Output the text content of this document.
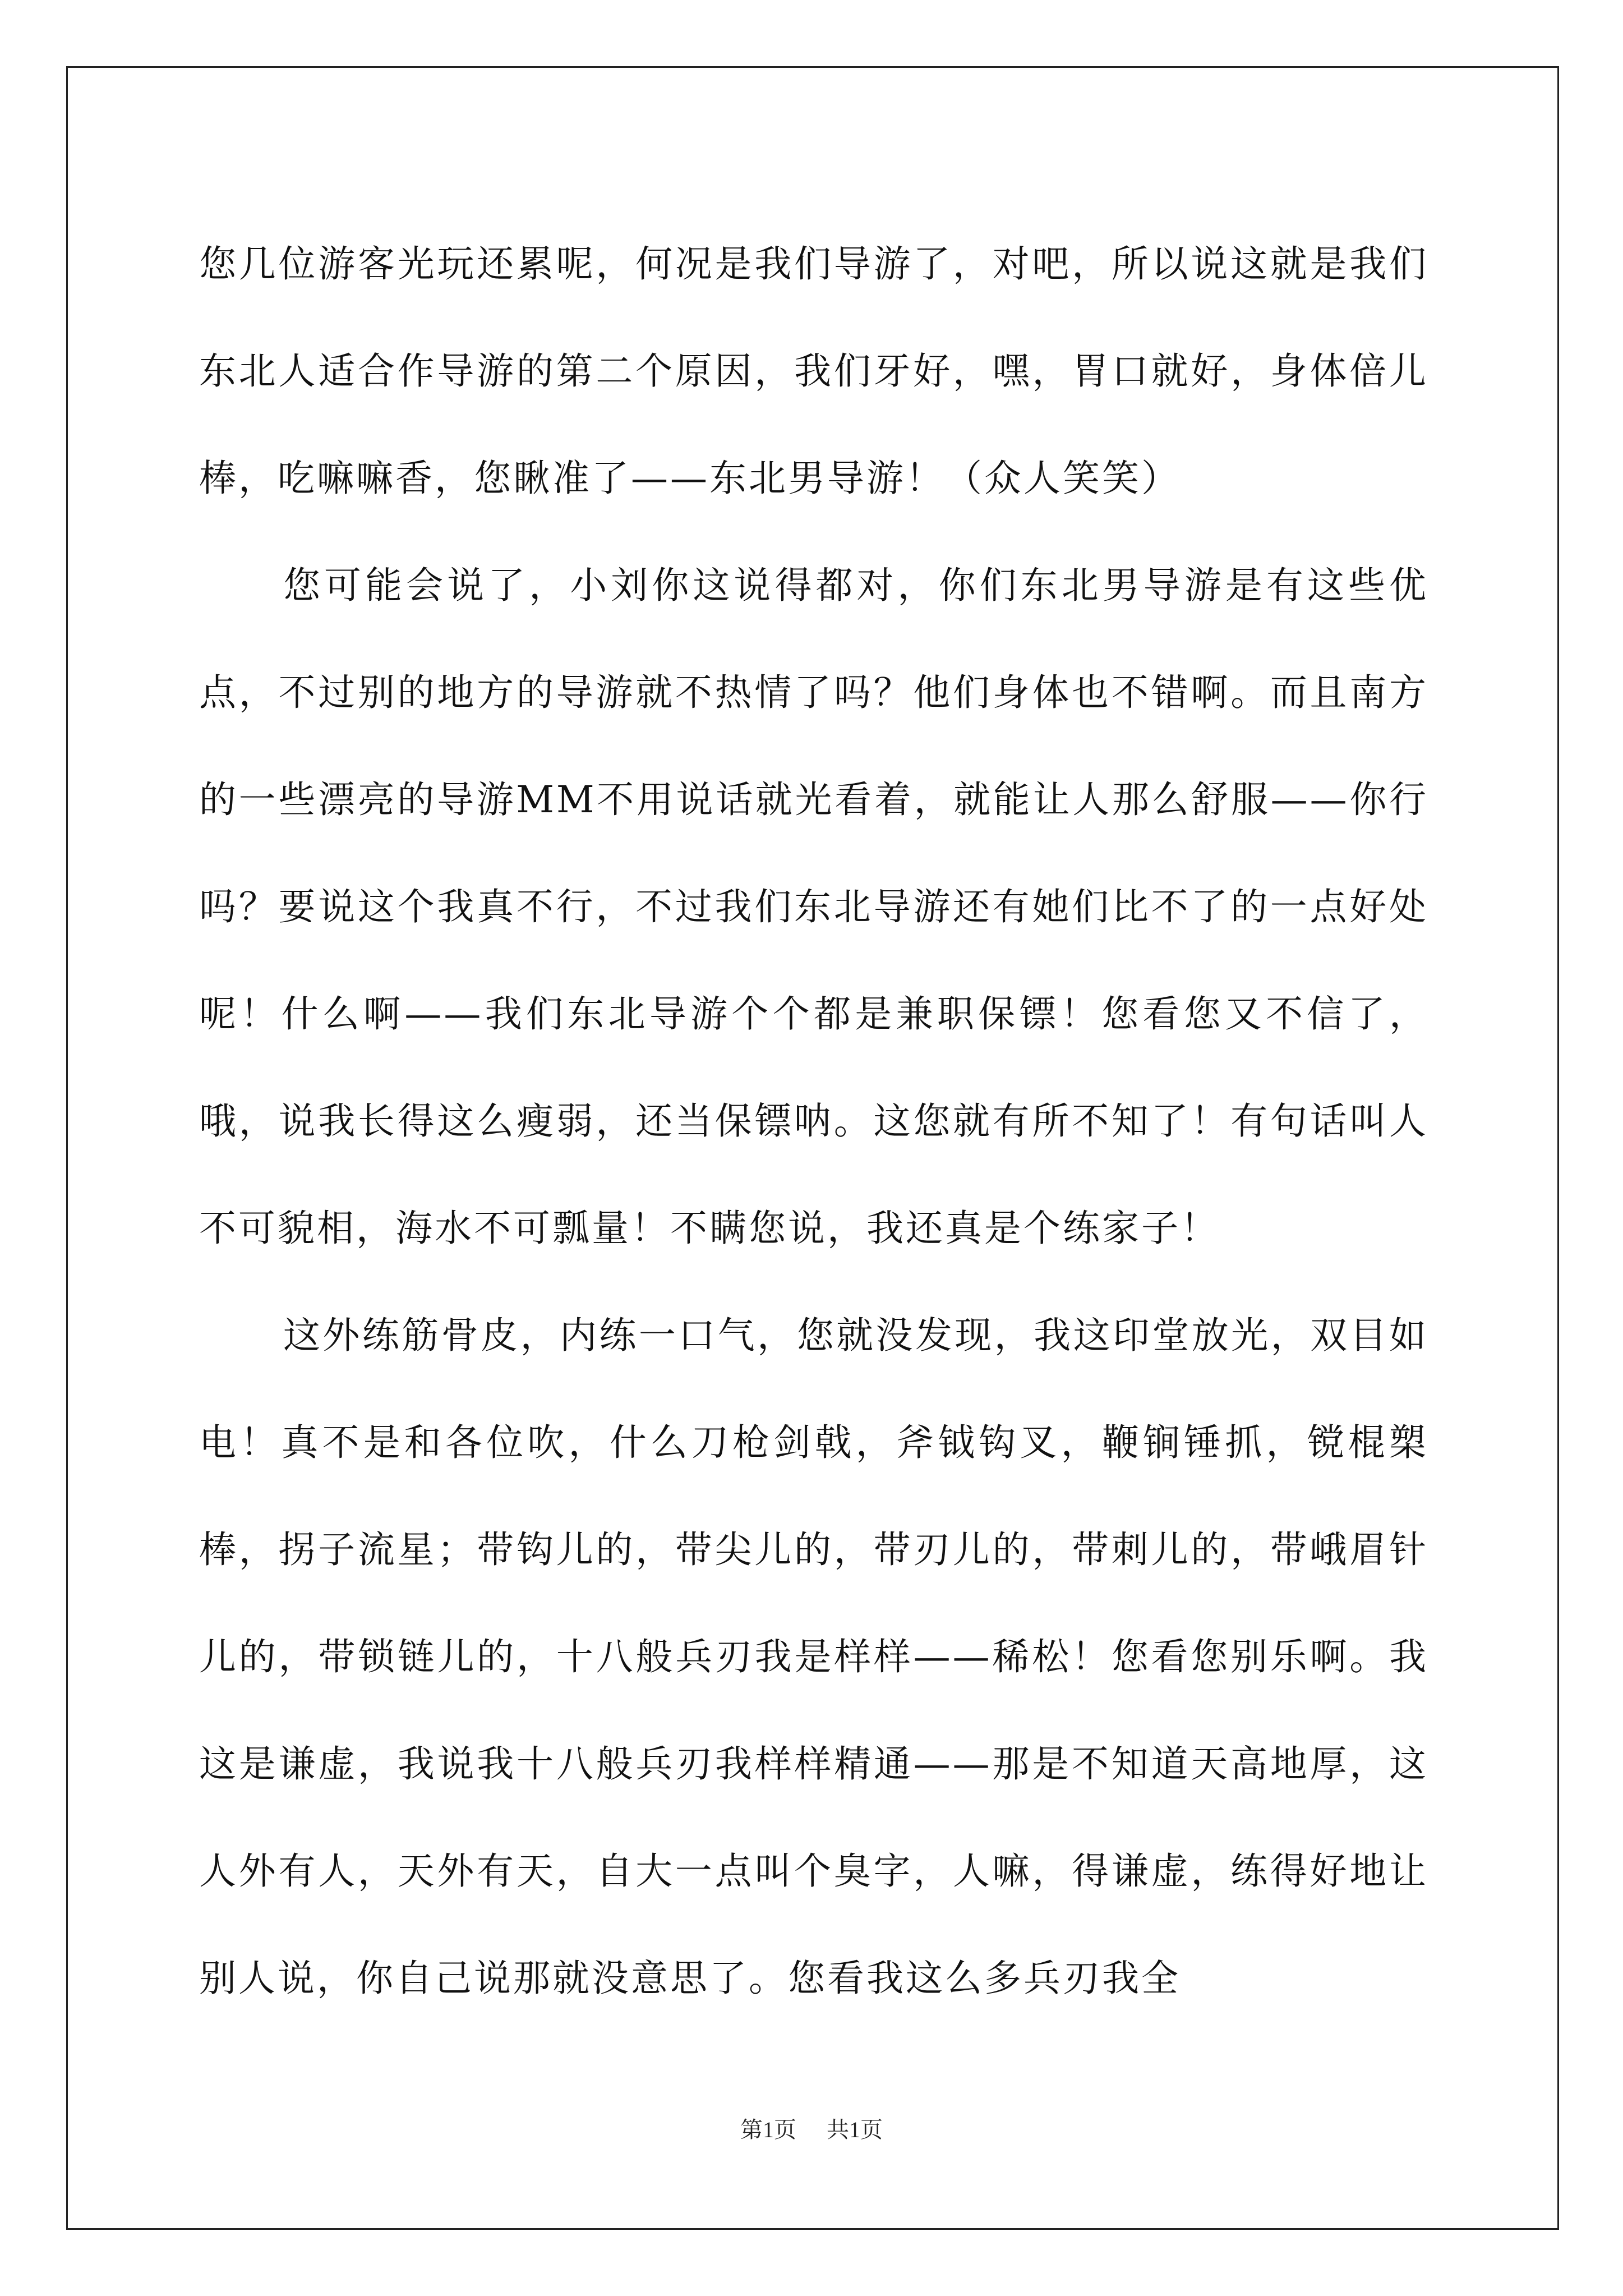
您几位游客光玩还累呢，何况是我们导游了，对吧，所以说这就是我们东北人适合作导游的第二个原因，我们牙好，嘿，胃口就好，身体倍儿棒，吃嘛嘛香，您瞅准了——东北男导游！（众人笑笑）

您可能会说了，小刘你这说得都对，你们东北男导游是有这些优点，不过别的地方的导游就不热情了吗？他们身体也不错啊。而且南方的一些漂亮的导游MM不用说话就光看着，就能让人那么舒服——你行吗？要说这个我真不行，不过我们东北导游还有她们比不了的一点好处呢！什么啊——我们东北导游个个都是兼职保镖！您看您又不信了，哦，说我长得这么瘦弱，还当保镖呐。这您就有所不知了！有句话叫人不可貌相，海水不可瓢量！不瞒您说，我还真是个练家子！

这外练筋骨皮，内练一口气，您就没发现，我这印堂放光，双目如电！真不是和各位吹，什么刀枪剑戟，斧钺钩叉，鞭锏锤抓，镋棍槊棒，拐子流星；带钩儿的，带尖儿的，带刃儿的，带刺儿的，带峨眉针儿的，带锁链儿的，十八般兵刃我是样样——稀松！您看您别乐啊。我这是谦虚，我说我十八般兵刃我样样精通——那是不知道天高地厚，这人外有人，天外有天，自大一点叫个臭字，人嘛，得谦虚，练得好地让别人说，你自己说那就没意思了。您看我这么多兵刃我全

第1页 共1页
